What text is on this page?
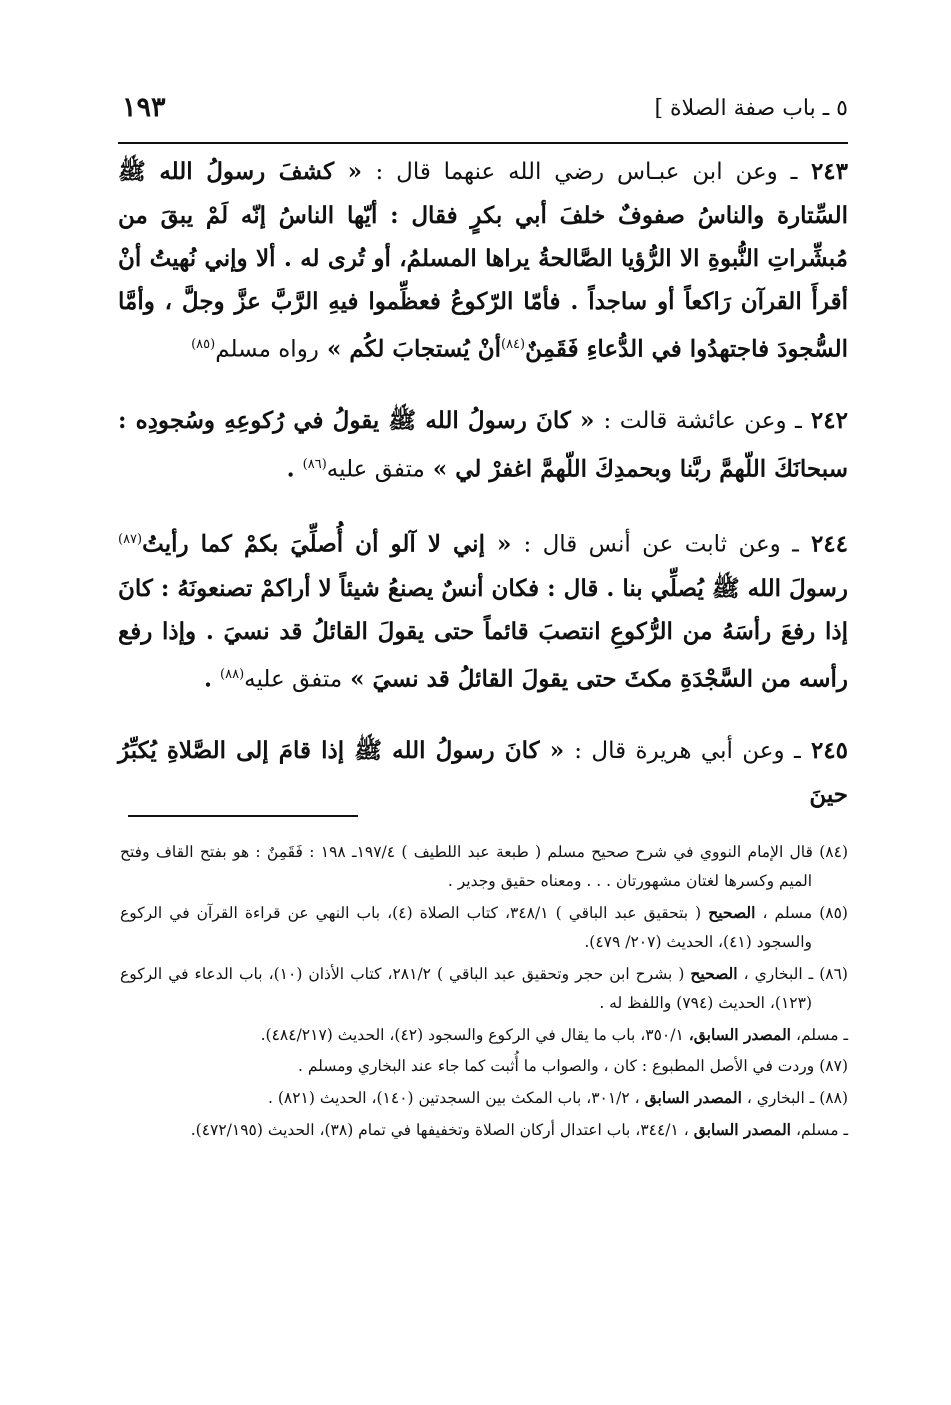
٥ ـ باب صفة الصلاة ]
١٩٣

٢٤٣ ـ وعن ابن عبـاس رضي الله عنهما قال : « كشفَ رسولُ الله ﷺ السِّتارة والناسُ صفوفٌ خلفَ أبي بكرٍ فقال : أيّها الناسُ إنّه لَمْ يبقَ من مُبشِّراتِ النُّبوةِ الا الرُّؤيا الصَّالحةُ يراها المسلمُ، أو تُرى له . ألا وإني نُهيتُ أنْ أقرأَ القرآن رَاكعاً أو ساجداً . فأمّا الرّكوعُ فعظِّموا فيهِ الرَّبَّ عزَّ وجلَّ ، وأمَّا السُّجودَ فاجتهدُوا في الدُّعاءِ فَقَمِنٌ$^{(٨٤)}$أنْ يُستجابَ لكُم » رواه مسلم$^{(٨٥)}$

٢٤٢ ـ وعن عائشة قالت : « كانَ رسولُ الله ﷺ يقولُ في رُكوعِهِ وسُجودِه : سبحانَكَ اللّهمَّ ربَّنا وبحمدِكَ اللّهمَّ اغفرْ لي » متفق عليه$^{(٨٦)}$ .

٢٤٤ ـ وعن ثابت عن أنس قال : « إني لا آلو أن أُصلِّيَ بكمْ كما رأيتُ$^{(٨٧)}$ رسولَ الله ﷺ يُصلِّي بنا . قال : فكان أنسٌ يصنعُ شيئاً لا أراكمْ تصنعونَهُ : كانَ إذا رفعَ رأسَهُ من الرُّكوعِ انتصبَ قائماً حتى يقولَ القائلُ قد نسيَ . وإذا رفع رأسه من السَّجْدَةِ مكثَ حتى يقولَ القائلُ قد نسيَ » متفق عليه$^{(٨٨)}$ .

٢٤٥ ـ وعن أبي هريرة قال : « كانَ رسولُ الله ﷺ إذا قامَ إلى الصَّلاةِ يُكبِّرُ حينَ

(٨٤) قال الإمام النووي في شرح صحيح مسلم ( طبعة عبد اللطيف ) ١٩٧/٤ـ ١٩٨ : فَقَمِنٌ : هو بفتح القاف وفتح الميم وكسرها لغتان مشهورتان . . . ومعناه حقيق وجدير .

(٨٥) مسلم ، الصحيح ( بتحقيق عبد الباقي ) ٣٤٨/١، كتاب الصلاة (٤)، باب النهي عن قراءة القرآن في الركوع والسجود (٤١)، الحديث (٢٠٧/ ٤٧٩).

(٨٦) ـ البخاري ، الصحيح ( بشرح ابن حجر وتحقيق عبد الباقي ) ٢٨١/٢، كتاب الأذان (١٠)، باب الدعاء في الركوع (١٢٣)، الحديث (٧٩٤) واللفظ له .

ـ مسلم، المصدر السابق، ٣٥٠/١، باب ما يقال في الركوع والسجود (٤٢)، الحديث (٤٨٤/٢١٧).

(٨٧) وردت في الأصل المطبوع : كان ، والصواب ما أُثبت كما جاء عند البخاري ومسلم .

(٨٨) ـ البخاري ، المصدر السابق ، ٣٠١/٢، باب المكث بين السجدتين (١٤٠)، الحديث (٨٢١) .

ـ مسلم، المصدر السابق ، ٣٤٤/١، باب اعتدال أركان الصلاة وتخفيفها في تمام (٣٨)، الحديث (٤٧٢/١٩٥).
